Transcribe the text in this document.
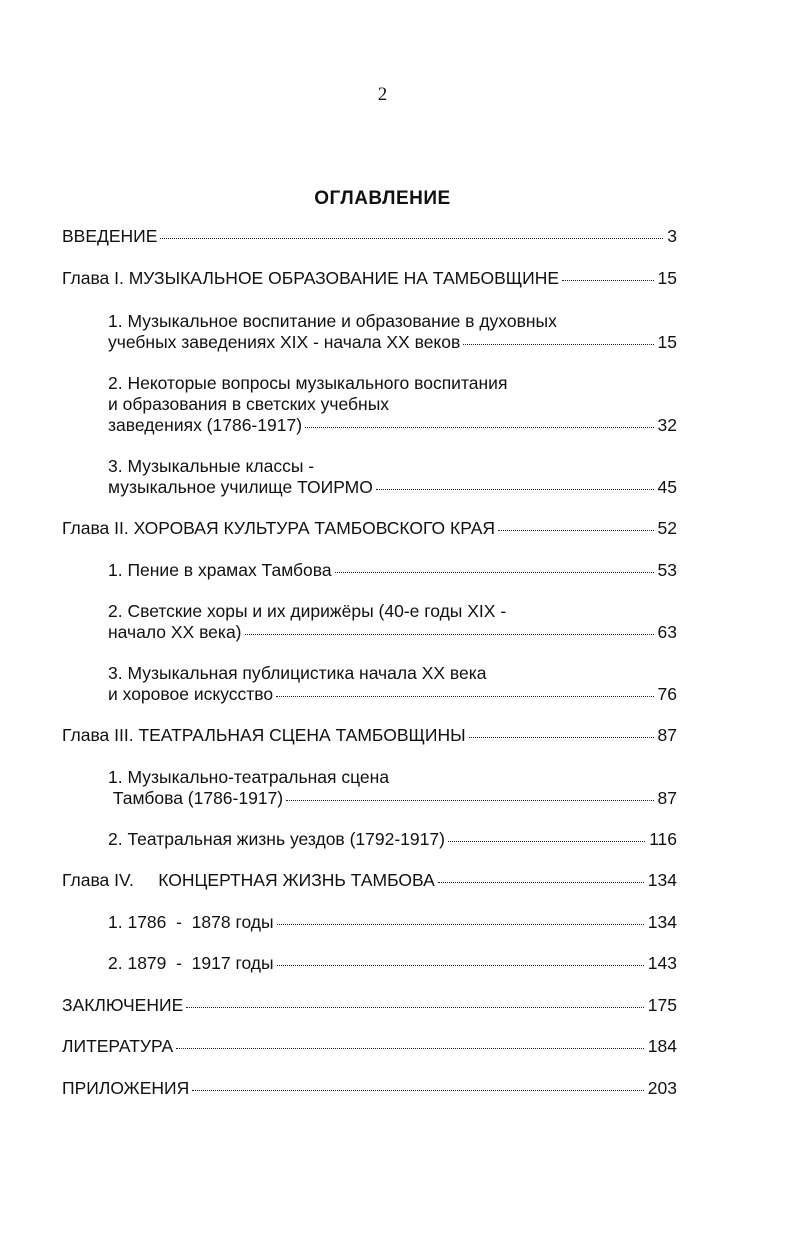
2
ОГЛАВЛЕНИЕ
ВВЕДЕНИЕ	3
Глава I. МУЗЫКАЛЬНОЕ ОБРАЗОВАНИЕ НА ТАМБОВЩИНЕ	15
1. Музыкальное воспитание и образование в духовных
учебных заведениях XIX - начала XX веков	15
2. Некоторые вопросы музыкального воспитания
и образования в светских учебных
заведениях (1786-1917)	32
3. Музыкальные классы -
музыкальное училище ТОИРМО	45
Глава II. ХОРОВАЯ КУЛЬТУРА ТАМБОВСКОГО КРАЯ	52
1. Пение в храмах Тамбова	53
2. Светские хоры и их дирижёры (40-е годы XIX -
начало XX века)	63
3. Музыкальная публицистика начала XX века
и хоровое искусство	76
Глава III. ТЕАТРАЛЬНАЯ СЦЕНА ТАМБОВЩИНЫ	87
1. Музыкально-театральная сцена
Тамбова (1786-1917)	87
2. Театральная жизнь уездов (1792-1917)	116
Глава IV.     КОНЦЕРТНАЯ ЖИЗНЬ ТАМБОВА	134
1. 1786  -  1878 годы	134
2. 1879  -  1917 годы	143
ЗАКЛЮЧЕНИЕ	175
ЛИТЕРАТУРА	184
ПРИЛОЖЕНИЯ	203
